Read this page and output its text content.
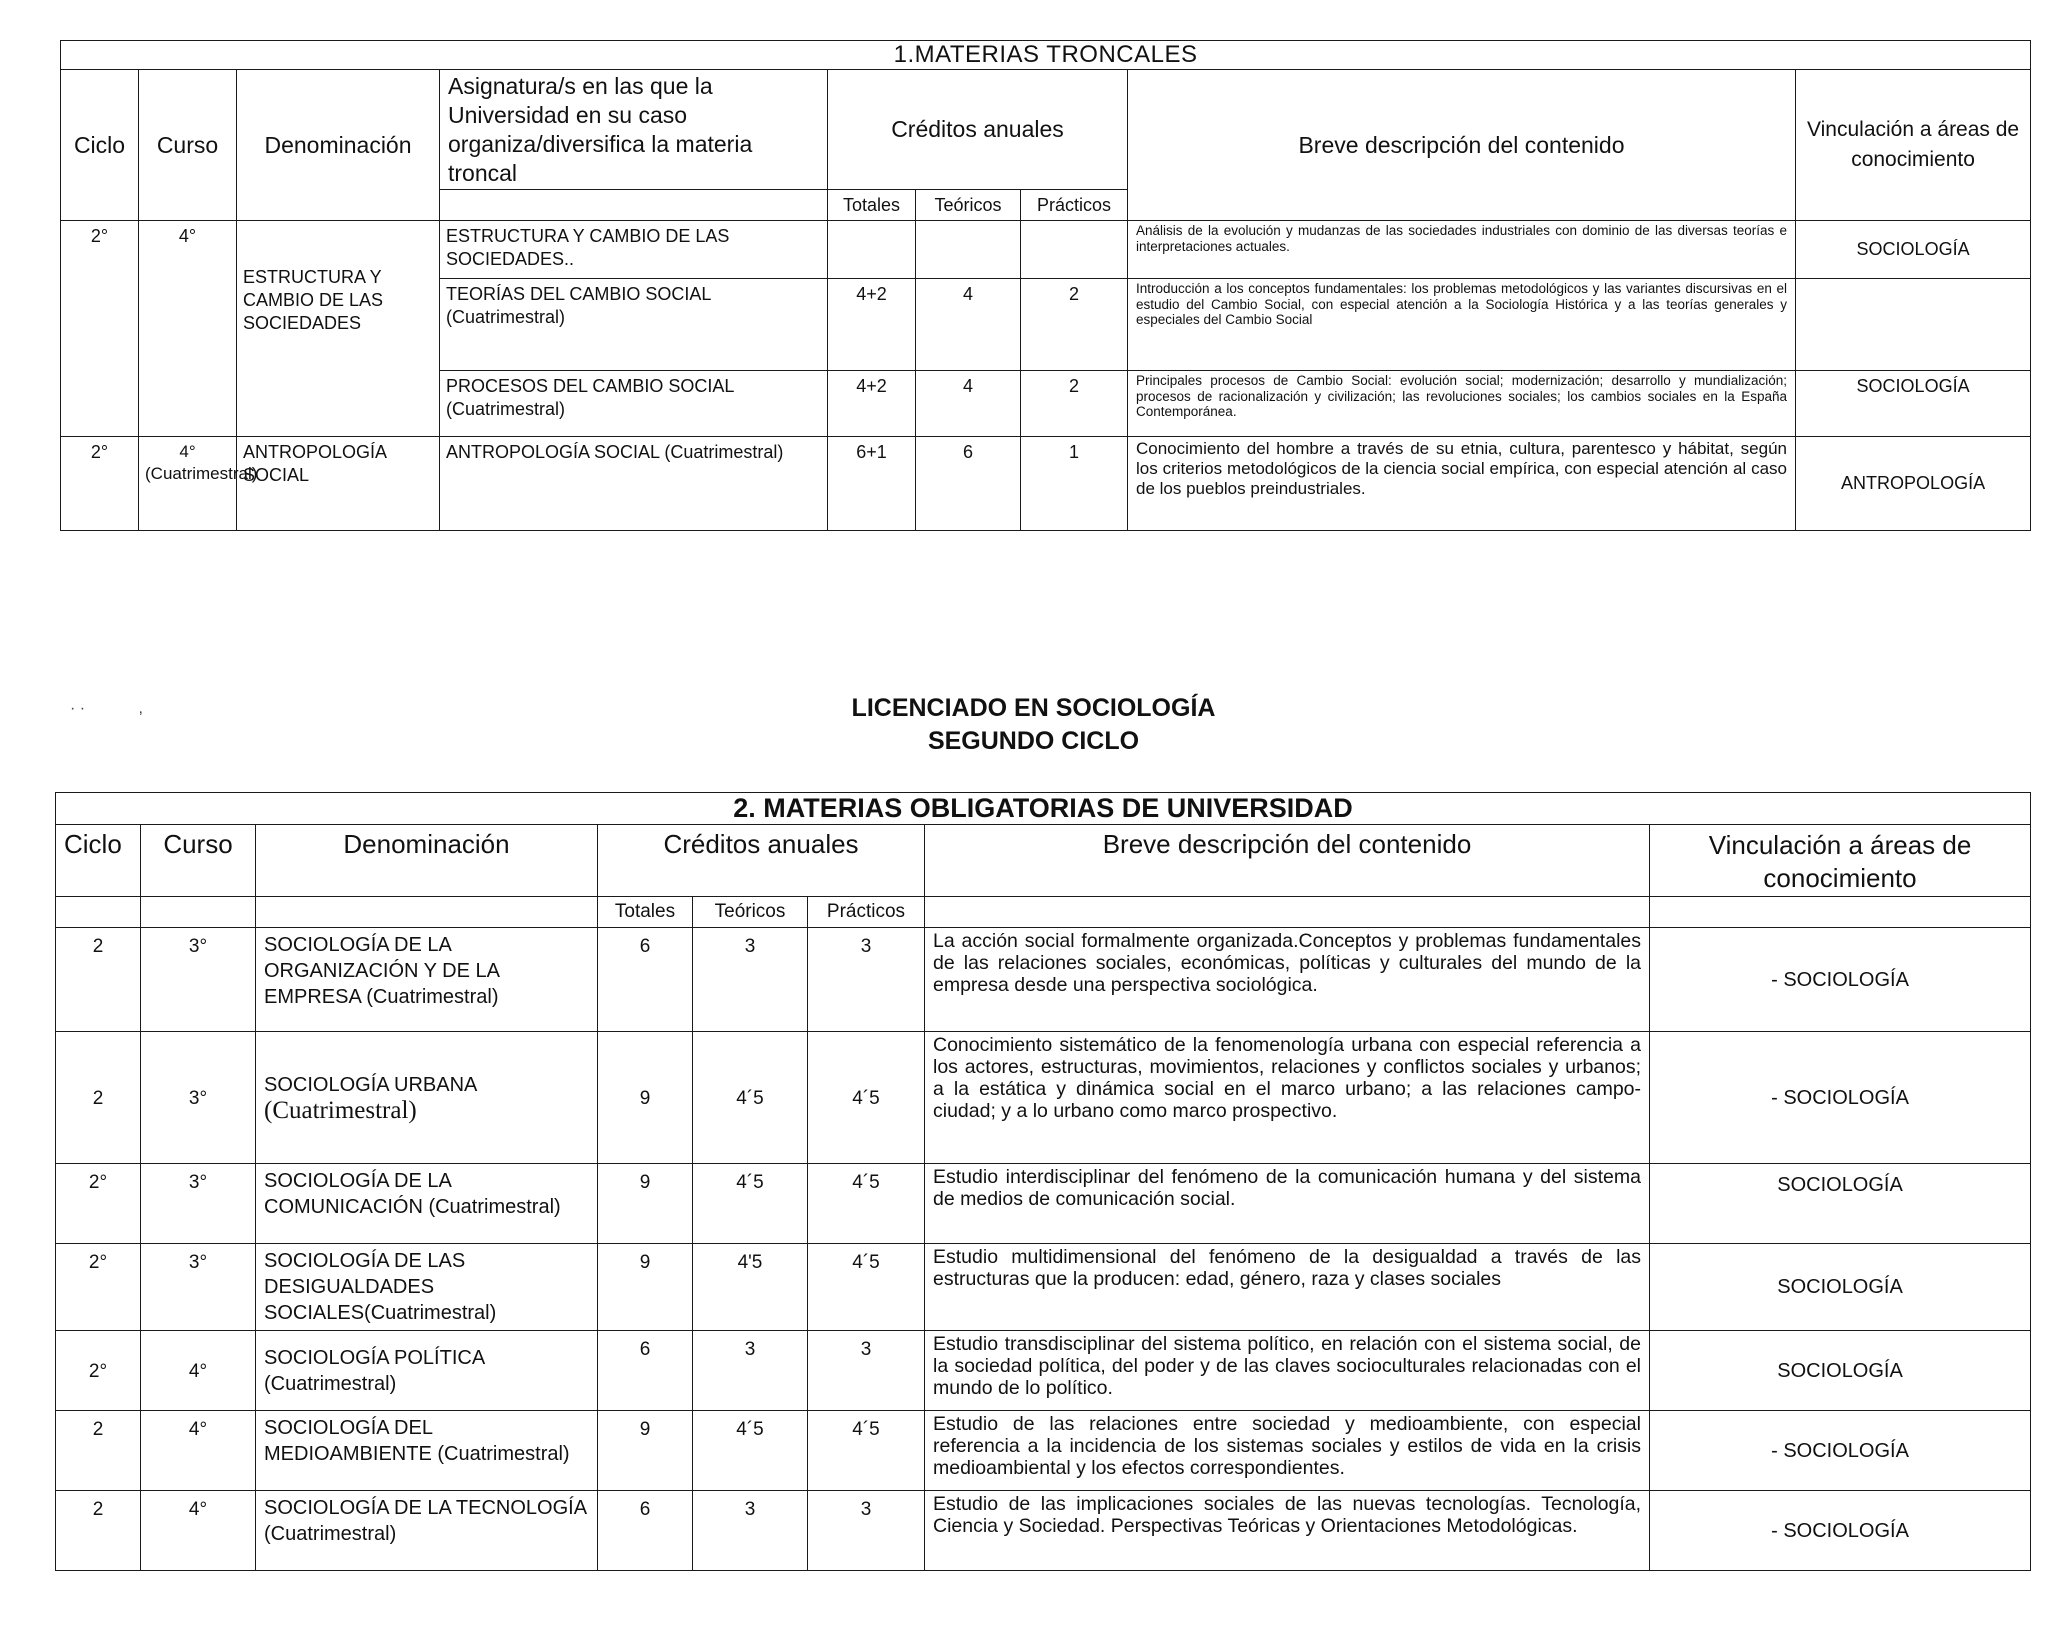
1.MATERIAS TRONCALES								
Ciclo	Curso	Denominación	Asignatura/s en las que la Universidad en su caso organiza/diversifica la materia troncal	Créditos anuales			Breve descripción del contenido	Vinculación a áreas de conocimiento
				Totales	Teóricos	Prácticos		
2°	4°	ESTRUCTURA Y CAMBIO DE LAS SOCIEDADES	ESTRUCTURA Y CAMBIO DE LAS SOCIEDADES..				Análisis de la evolución y mudanzas de las sociedades industriales con dominio de las diversas teorías e interpretaciones actuales.	SOCIOLOGÍA
			TEORÍAS DEL CAMBIO SOCIAL (Cuatrimestral)	4+2	4	2	Introducción a los conceptos fundamentales: los problemas metodológicos y las variantes discursivas en el estudio del Cambio Social, con especial atención a la Sociología Histórica y a las teorías generales y especiales del Cambio Social	
			PROCESOS DEL CAMBIO SOCIAL (Cuatrimestral)	4+2	4	2	Principales procesos de Cambio Social: evolución social; modernización; desarrollo y mundialización; procesos de racionalización y civilización; las revoluciones sociales; los cambios sociales en la España Contemporánea.	SOCIOLOGÍA
2°	4° (Cuatrimestral)	ANTROPOLOGÍA SOCIAL	ANTROPOLOGÍA SOCIAL (Cuatrimestral)	6+1	6	1	Conocimiento del hombre a través de su etnia, cultura, parentesco y hábitat, según los criterios metodológicos de la ciencia social empírica, con especial atención al caso de los pueblos preindustriales.	ANTROPOLOGÍA
· ·            ,	LICENCIADO EN SOCIOLOGÍA
SEGUNDO CICLO
2. MATERIAS OBLIGATORIAS DE UNIVERSIDAD							
Ciclo	Curso	Denominación	Créditos anuales			Breve descripción del contenido	Vinculación a áreas de conocimiento
			Totales	Teóricos	Prácticos		
2	3°	SOCIOLOGÍA DE LA ORGANIZACIÓN Y DE LA EMPRESA (Cuatrimestral)	6	3	3	La acción social formalmente organizada.Conceptos y problemas fundamentales de las relaciones sociales, económicas, políticas y culturales del mundo de la empresa desde una perspectiva sociológica.	- SOCIOLOGÍA
2	3°	SOCIOLOGÍA URBANA
(Cuatrimestral)	9	4´5	4´5	Conocimiento sistemático de la fenomenología urbana con especial referencia a los actores, estructuras, movimientos, relaciones y conflictos sociales y urbanos; a la estática y dinámica social en el marco urbano; a las relaciones campo-ciudad; y a lo urbano como marco prospectivo.	- SOCIOLOGÍA
2°	3°	SOCIOLOGÍA DE LA COMUNICACIÓN (Cuatrimestral)	9	4´5	4´5	Estudio interdisciplinar del fenómeno de la comunicación humana y del sistema de medios de comunicación social.	SOCIOLOGÍA
2°	3°	SOCIOLOGÍA DE LAS DESIGUALDADES SOCIALES(Cuatrimestral)	9	4'5	4´5	Estudio multidimensional del fenómeno de la desigualdad a través de las estructuras que la producen: edad, género, raza y clases sociales	SOCIOLOGÍA
2°	4°	SOCIOLOGÍA POLÍTICA (Cuatrimestral)	6	3	3	Estudio transdisciplinar del sistema político, en relación con el sistema social, de la sociedad política, del poder y de las claves socioculturales relacionadas con el mundo de lo político.	SOCIOLOGÍA
2	4°	SOCIOLOGÍA DEL MEDIOAMBIENTE (Cuatrimestral)	9	4´5	4´5	Estudio de las relaciones entre sociedad y medioambiente, con especial referencia a la incidencia de los sistemas sociales y estilos de vida en la crisis medioambiental y los efectos correspondientes.	- SOCIOLOGÍA
2	4°	SOCIOLOGÍA DE LA TECNOLOGÍA (Cuatrimestral)	6	3	3	Estudio de las implicaciones sociales de las nuevas tecnologías. Tecnología, Ciencia y Sociedad. Perspectivas Teóricas y Orientaciones Metodológicas.	- SOCIOLOGÍA
